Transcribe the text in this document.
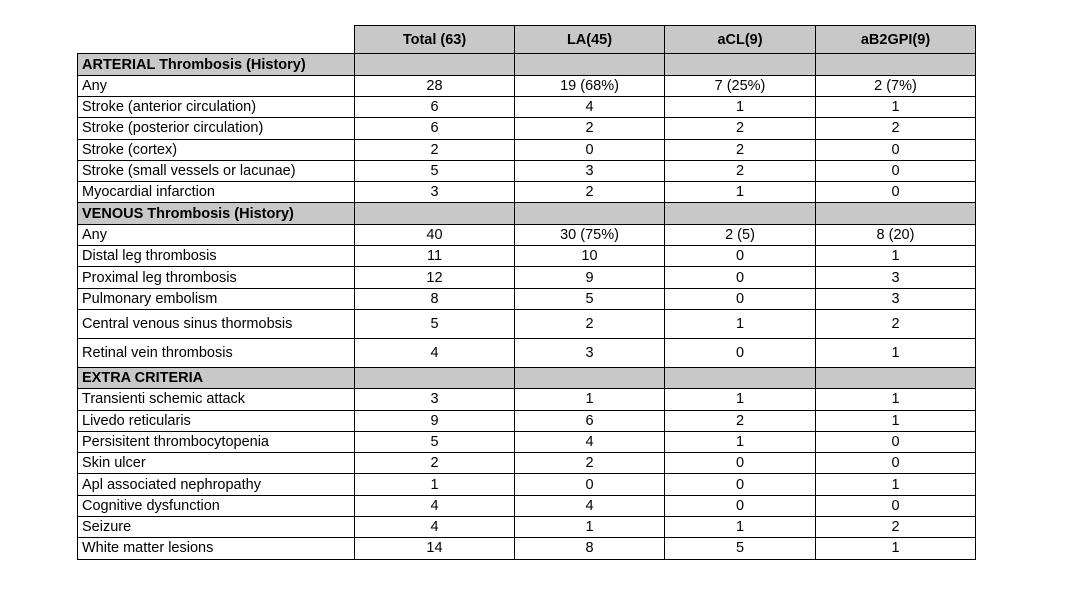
	Total (63)	LA(45)	aCL(9)	aB2GPI(9)
ARTERIAL Thrombosis (History)				
Any	28	19 (68%)	7 (25%)	2 (7%)
Stroke (anterior circulation)	6	4	1	1
Stroke (posterior circulation)	6	2	2	2
Stroke (cortex)	2	0	2	0
Stroke (small vessels or lacunae)	5	3	2	0
Myocardial infarction	3	2	1	0
VENOUS Thrombosis (History)				
Any	40	30 (75%)	2 (5)	8 (20)
Distal leg thrombosis	11	10	0	1
Proximal leg thrombosis	12	9	0	3
Pulmonary embolism	8	5	0	3
Central venous sinus thormobsis	5	2	1	2
Retinal vein thrombosis	4	3	0	1
EXTRA CRITERIA				
Transienti schemic attack	3	1	1	1
Livedo reticularis	9	6	2	1
Persisitent thrombocytopenia	5	4	1	0
Skin ulcer	2	2	0	0
Apl associated nephropathy	1	0	0	1
Cognitive dysfunction	4	4	0	0
Seizure	4	1	1	2
White matter lesions	14	8	5	1
